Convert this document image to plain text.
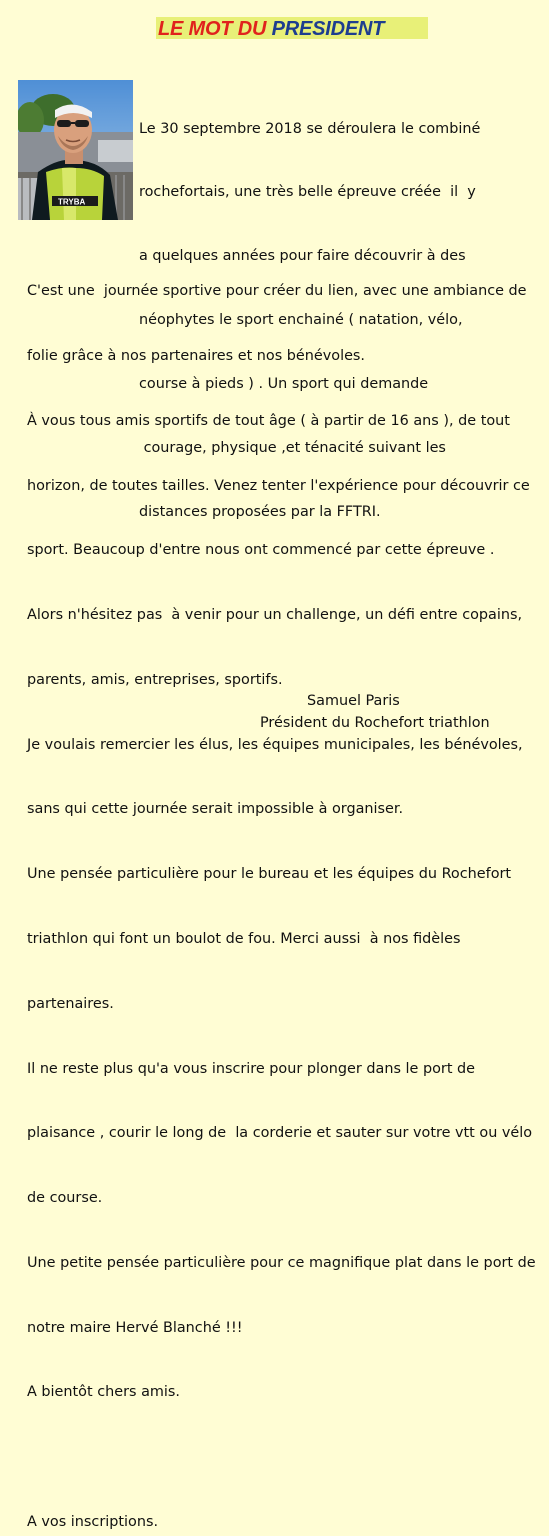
LE MOT DU PRESIDENT
TRYBA

Le 30 septembre 2018 se déroulera le combiné

rochefortais, une très belle épreuve créée  il  y

a quelques années pour faire découvrir à des

néophytes le sport enchainé ( natation, vélo,

course à pieds ) . Un sport qui demande

courage, physique ,et ténacité suivant les

distances proposées par la FFTRI.

C'est une  journée sportive pour créer du lien, avec une ambiance de

folie grâce à nos partenaires et nos bénévoles.

À vous tous amis sportifs de tout âge ( à partir de 16 ans ), de tout

horizon, de toutes tailles. Venez tenter l'expérience pour découvrir ce

sport. Beaucoup d'entre nous ont commencé par cette épreuve .

Alors n'hésitez pas  à venir pour un challenge, un défi entre copains,

parents, amis, entreprises, sportifs.

Je voulais remercier les élus, les équipes municipales, les bénévoles,

sans qui cette journée serait impossible à organiser.

Une pensée particulière pour le bureau et les équipes du Rochefort

triathlon qui font un boulot de fou. Merci aussi  à nos fidèles

partenaires.

Il ne reste plus qu'a vous inscrire pour plonger dans le port de

plaisance , courir le long de  la corderie et sauter sur votre vtt ou vélo

de course.

Une petite pensée particulière pour ce magnifique plat dans le port de

notre maire Hervé Blanché !!!

A bientôt chers amis.

A vos inscriptions.

Samuel Paris
Président du Rochefort triathlon
